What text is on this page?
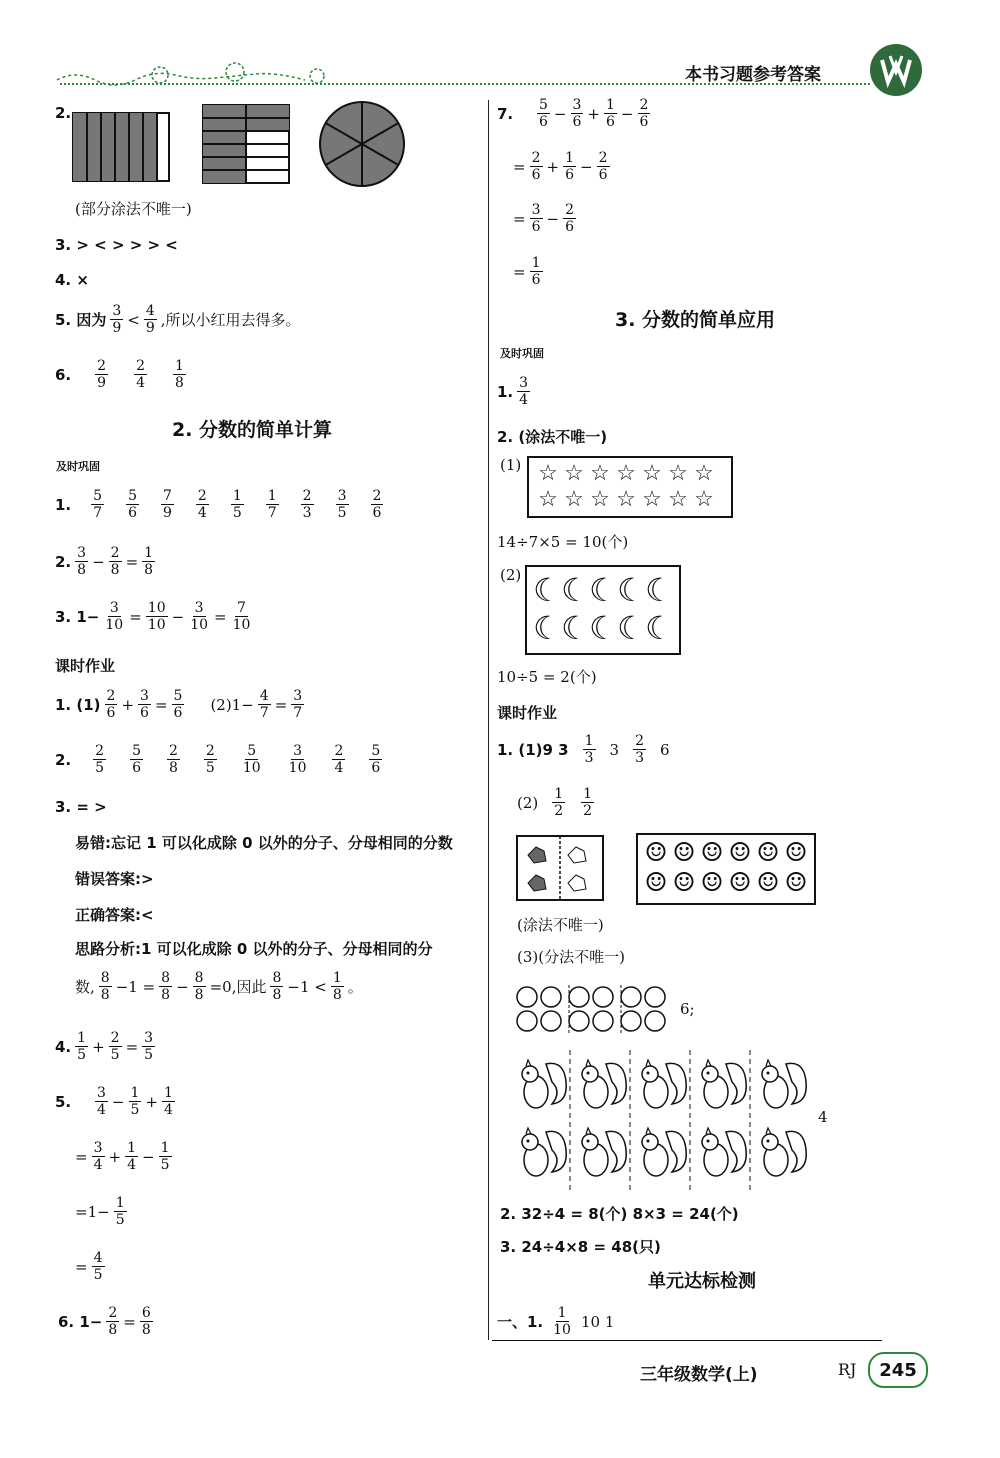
本书习题参考答案
2.
(部分涂法不唯一)
3. > < > > > <
4. ×
5. 因为 $\frac{3}{9} < \frac{4}{9}$ ,所以小红用去得多。
6. $\frac{2}{9} \frac{2}{4} \frac{1}{8}$
2. 分数的简单计算
及时巩固
1. $\frac{5}{7} \frac{5}{6} \frac{7}{9} \frac{2}{4} \frac{1}{5} \frac{1}{7} \frac{2}{3} \frac{3}{5} \frac{2}{6}$
2. $\frac{3}{8} - \frac{2}{8} = \frac{1}{8}$
3. $1- \frac{3}{10} = \frac{10}{10} - \frac{3}{10} = \frac{7}{10}$
课时作业
1. $(1) \frac{2}{6} + \frac{3}{6} = \frac{5}{6} (2)1- \frac{4}{7} = \frac{3}{7}$
2. $\frac{2}{5} \frac{5}{6} \frac{2}{8} \frac{2}{5} \frac{5}{10} \frac{3}{10} \frac{2}{4} \frac{5}{6}$
3. = >
易错:忘记 1 可以化成除 0 以外的分子、分母相同的分数
错误答案:>
正确答案:<
思路分析:1 可以化成除 0 以外的分子、分母相同的分
数, $\frac{8}{8} -1 = \frac{8}{8} - \frac{8}{8} =0$,因此 $\frac{8}{8} -1 < \frac{1}{8}$ 。
4. $\frac{1}{5} + \frac{2}{5} = \frac{3}{5}$
5.	$\frac{3}{4} - \frac{1}{5} + \frac{1}{4}$
= $\frac{3}{4} + \frac{1}{4} - \frac{1}{5}$
$=1- \frac{1}{5}$
= $\frac{4}{5}$
6. $1- \frac{2}{8} = \frac{6}{8}$
7.	$\frac{5}{6} - \frac{3}{6} + \frac{1}{6} - \frac{2}{6}$
= $\frac{2}{6} + \frac{1}{6} - \frac{2}{6}$
= $\frac{3}{6} - \frac{2}{6}$
= $\frac{1}{6}$
3. 分数的简单应用
及时巩固
1. $\frac{3}{4}$
2. (涂法不唯一)
(1) ☆ ☆ ☆ ☆ ☆ ☆ ☆
☆ ☆ ☆ ☆ ☆ ☆ ☆
14÷7×5 = 10(个)
(2) ☾ ☾ ☾ ☾ ☾
☾ ☾ ☾ ☾ ☾
10÷5 = 2(个)
课时作业
1. (1)9 $3 \frac{1}{3} 3 \frac{2}{3} 6$
$(2) \frac{1}{2} \frac{1}{2}$
☺ ☺ ☺ ☺ ☺ ☺
☺ ☺ ☺ ☺ ☺ ☺
(涂法不唯一)
(3)(分法不唯一)
6;
4
2. 32÷4 = 8(个) 8×3 = 24(个)
3. 24÷4×8 = 48(只)
单元达标检测
一、1. $\frac{1}{10} 10$ 1
三年级数学(上)	RJ 245
